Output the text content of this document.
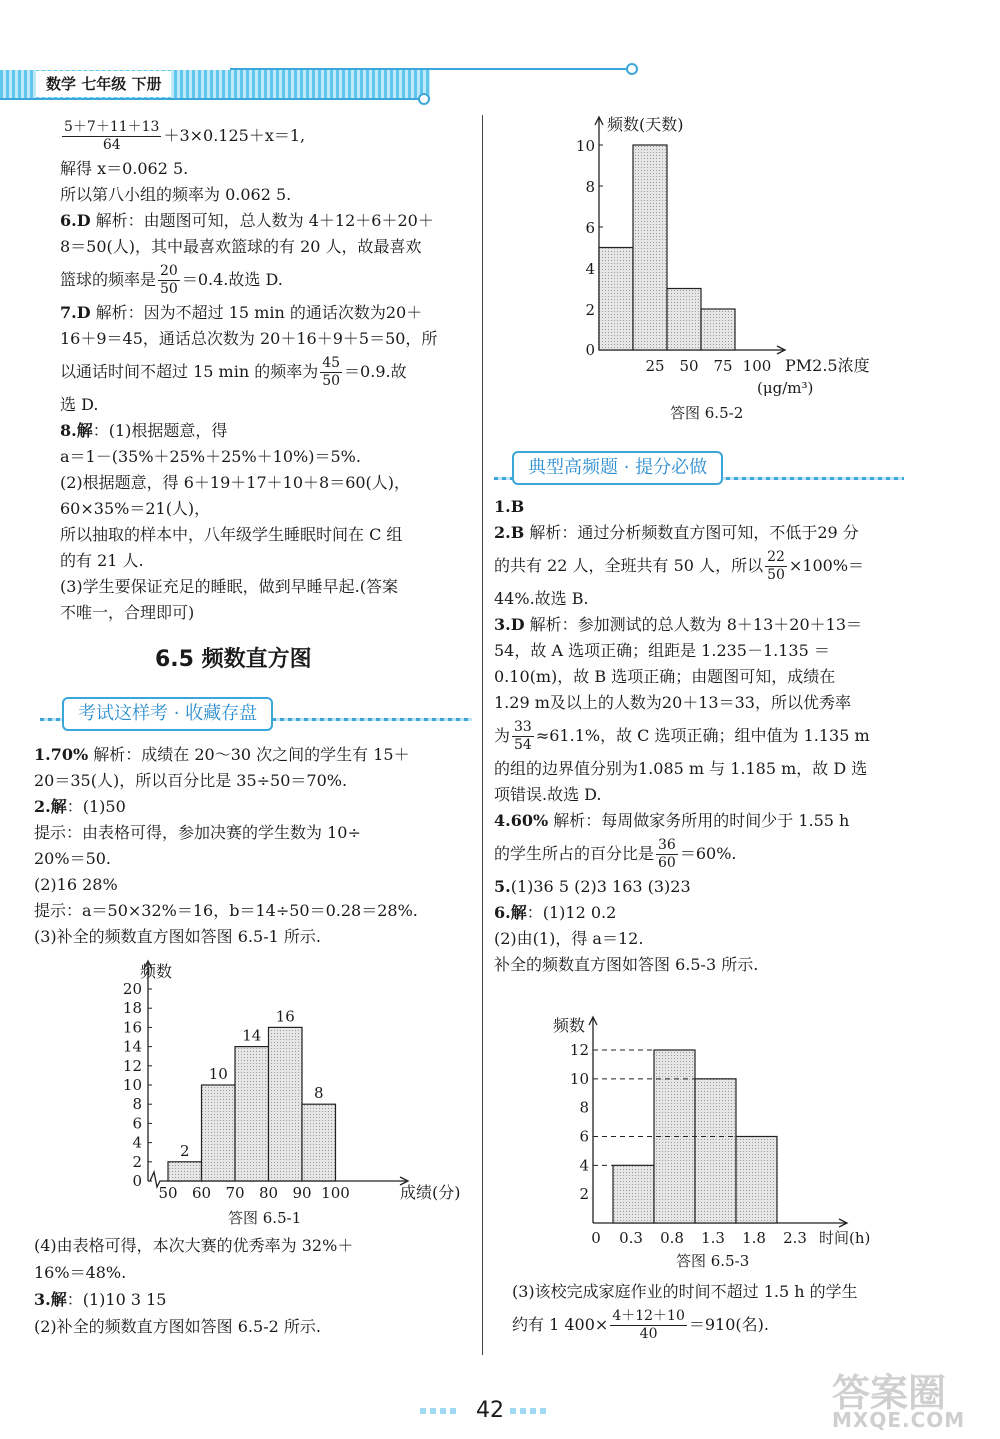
数学 七年级 下册
$\frac{5+7+11+13}{64} +3\times 0.125+x=1$,
解得 x＝0.062 5.
所以第八小组的频率为 0.062 5.
6.D 解析：由题图可知，总人数为 4＋12＋6＋20＋
8＝50(人)，其中最喜欢篮球的有 20 人，故最喜欢
篮球的频率是 $\frac{20}{50} =0.4$.故选 D.
7.D 解析：因为不超过 15 min 的通话次数为20＋
16＋9＝45，通话总次数为 20＋16＋9＋5＝50，所
以通话时间不超过 15 min 的频率为 $\frac{45}{50} =0.9$.故
选 D.
8.解：(1)根据题意，得
a＝1－(35%＋25%＋25%＋10%)＝5%.
(2)根据题意，得 6＋19＋17＋10＋8＝60(人)，
60×35%＝21(人)，
所以抽取的样本中，八年级学生睡眠时间在 C 组
的有 21 人.
(3)学生要保证充足的睡眠，做到早睡早起.(答案
不唯一，合理即可)
6.5 频数直方图
考试这样考 · 收藏存盘
1.70% 解析：成绩在 20～30 次之间的学生有 15＋
20＝35(人)，所以百分比是 35÷50＝70%.
2.解：(1)50
提示：由表格可得，参加决赛的学生数为 10÷
20%＝50.
(2)16 28%
提示：a＝50×32%＝16，b＝14÷50＝0.28＝28%.
(3)补全的频数直方图如答图 6.5-1 所示.
频数
成绩(分)
0
2
4
6
8
10
12
14
16
18
20
50 60 70 80 90 100
2
10
14
16
8
答图 6.5-1
(4)由表格可得，本次大赛的优秀率为 32%＋
16%＝48%.
3.解：(1)10 3 15
(2)补全的频数直方图如答图 6.5-2 所示.
频数(天数)
PM2.5浓度
(μg/m³)
0
2
4
6
8
10
25 50 75 100
答图 6.5-2
典型高频题 · 提分必做
1.B
2.B 解析：通过分析频数直方图可知，不低于29 分
的共有 22 人，全班共有 50 人，所以 $\frac{22}{50} \times 100\%=$
44%.故选 B.
3.D 解析：参加测试的总人数为 8＋13＋20＋13＝
54，故 A 选项正确；组距是 1.235－1.135 ＝
0.10(m)，故 B 选项正确；由题图可知，成绩在
1.29 m及以上的人数为20＋13＝33，所以优秀率
为 $\frac{33}{54} \approx 61.1\%$，故 C 选项正确；组中值为 1.135 m
的组的边界值分别为1.085 m 与 1.185 m，故 D 选
项错误.故选 D.
4.60% 解析：每周做家务所用的时间少于 1.55 h
的学生所占的百分比是 $\frac{36}{60} =60\%$.
5.(1)36 5 (2)3 163 (3)23
6.解：(1)12 0.2
(2)由(1)，得 a＝12.
补全的频数直方图如答图 6.5-3 所示.
频数
时间(h)
0 0.3 0.8 1.3 1.8 2.3
2
4
6
8
10
12
答图 6.5-3
(3)该校完成家庭作业的时间不超过 1.5 h 的学生
约有 1 $400\times \frac{4+12+10}{40} =910$(名).
42	答案圈
MXQE.COM
